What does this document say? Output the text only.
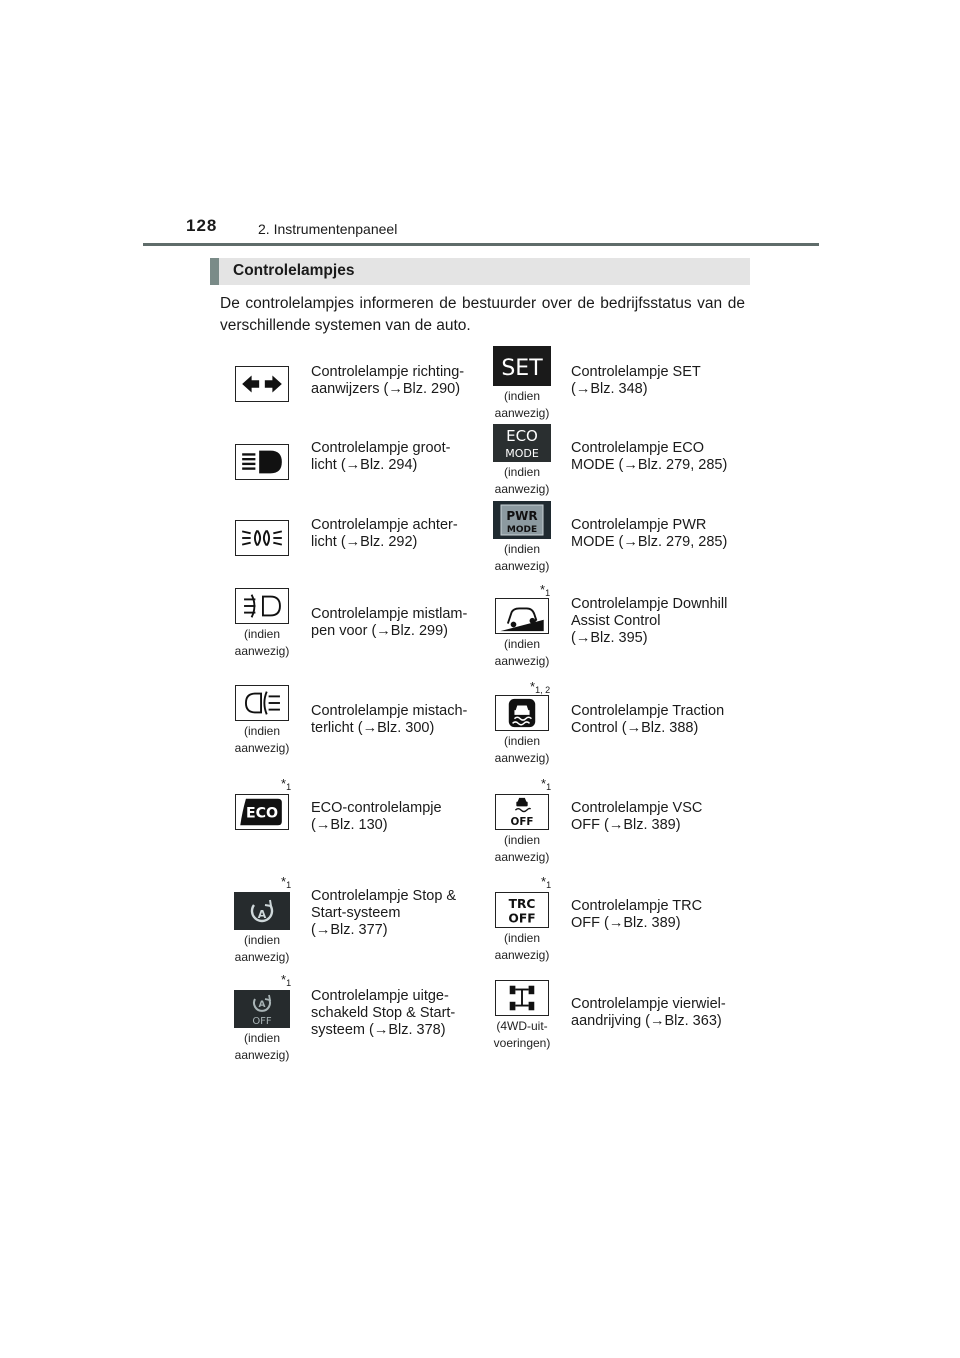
128	2. Instrumentenpaneel
Controlelampjes
De controlelampjes informeren de bestuurder over de bedrijfsstatus van de verschillende systemen van de auto.
Controlelampje richting-
aanwijzers (→Blz. 290)
SET
(indien aanwezig)
Controlelampje SET
(→Blz. 348)
Controlelampje groot-
licht (→Blz. 294)
ECO
MODE
(indien aanwezig)
Controlelampje ECO
MODE (→Blz. 279, 285)
Controlelampje achter-
licht (→Blz. 292)
PWR
MODE
(indien aanwezig)
Controlelampje PWR
MODE (→Blz. 279, 285)
(indien aanwezig)
Controlelampje mistlam-
pen voor (→Blz. 299)
$*_1$
(indien aanwezig)
Controlelampje Downhill
Assist Control
(→Blz. 395)
(indien aanwezig)
Controlelampje mistach-
terlicht (→Blz. 300)
$*_{1, 2}$
(indien aanwezig)
Controlelampje Traction
Control (→Blz. 388)
$*_1$
ECO ECO-controlelampje
(→Blz. 130)
$*_1$
OFF
(indien aanwezig)
Controlelampje VSC
OFF (→Blz. 389)
$*_1$
A
(indien aanwezig)
Controlelampje Stop &
Start-systeem
(→Blz. 377)
$*_1$
TRC
OFF
(indien aanwezig)
Controlelampje TRC
OFF (→Blz. 389)
$*_1$
A
OFF
(indien aanwezig)
Controlelampje uitge-
schakeld Stop & Start-
systeem (→Blz. 378)	(4WD-uit- voeringen)
Controlelampje vierwiel-
aandrijving (→Blz. 363)
